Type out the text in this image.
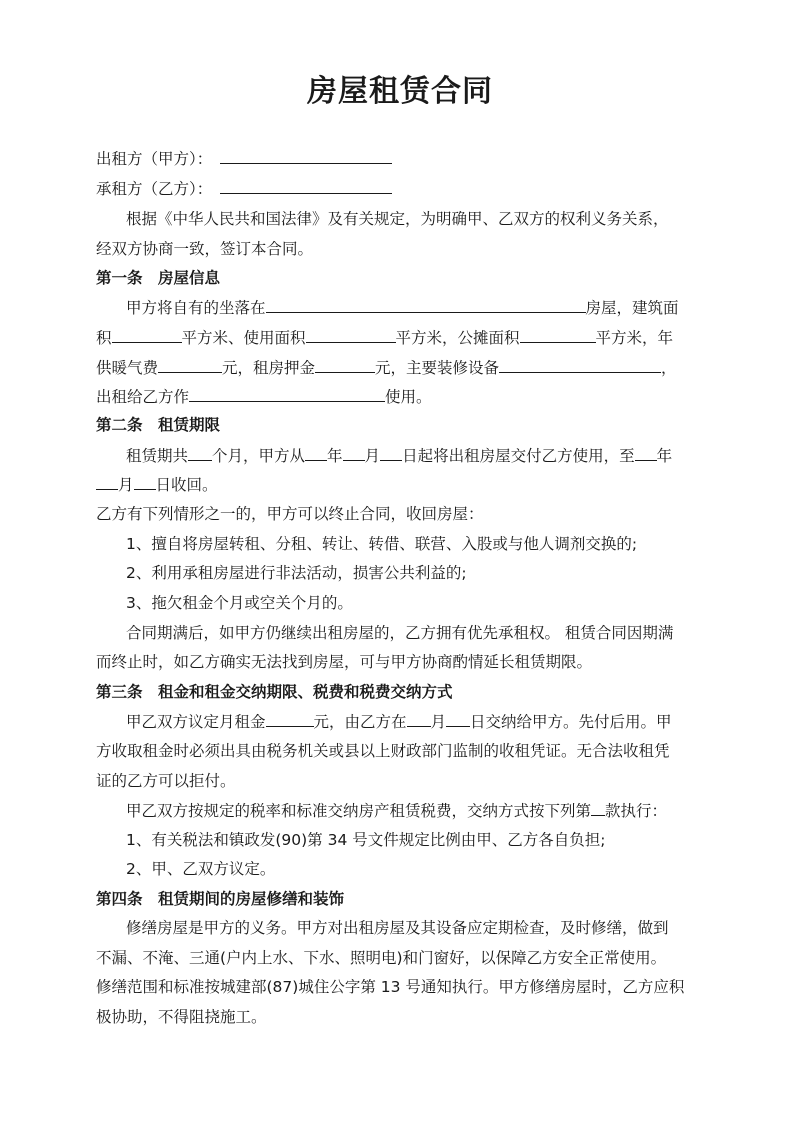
房屋租赁合同
出租方（甲方）：
承租方（乙方）：
根据《中华人民共和国法律》及有关规定，为明确甲、乙双方的权利义务关系，
经双方协商一致，签订本合同。
第一条　房屋信息
甲方将自有的坐落在	房屋，建筑面
积	平方米、使用面积	平方米，公摊面积	平方米，年
供暖气费	元，租房押金	元，主要装修设备	，
出租给乙方作	使用。
第二条　租赁期限
租赁期共 个月，甲方从 年 月 日起将出租房屋交付乙方使用，至 年
月 日收回。
乙方有下列情形之一的，甲方可以终止合同，收回房屋：
1、擅自将房屋转租、分租、转让、转借、联营、入股或与他人调剂交换的;
2、利用承租房屋进行非法活动，损害公共利益的;
3、拖欠租金个月或空关个月的。
合同期满后，如甲方仍继续出租房屋的，乙方拥有优先承租权。 租赁合同因期满
而终止时，如乙方确实无法找到房屋，可与甲方协商酌情延长租赁期限。
第三条　租金和租金交纳期限、税费和税费交纳方式
甲乙双方议定月租金	元，由乙方在 月 日交纳给甲方。先付后用。甲
方收取租金时必须出具由税务机关或县以上财政部门监制的收租凭证。无合法收租凭
证的乙方可以拒付。
甲乙双方按规定的税率和标准交纳房产租赁税费，交纳方式按下列第 款执行：
1、有关税法和镇政发(90)第 34 号文件规定比例由甲、乙方各自负担;
2、甲、乙双方议定。
第四条　租赁期间的房屋修缮和装饰
修缮房屋是甲方的义务。甲方对出租房屋及其设备应定期检查，及时修缮，做到
不漏、不淹、三通(户内上水、下水、照明电)和门窗好，以保障乙方安全正常使用。
修缮范围和标准按城建部(87)城住公字第 13 号通知执行。甲方修缮房屋时，乙方应积
极协助，不得阻挠施工。
